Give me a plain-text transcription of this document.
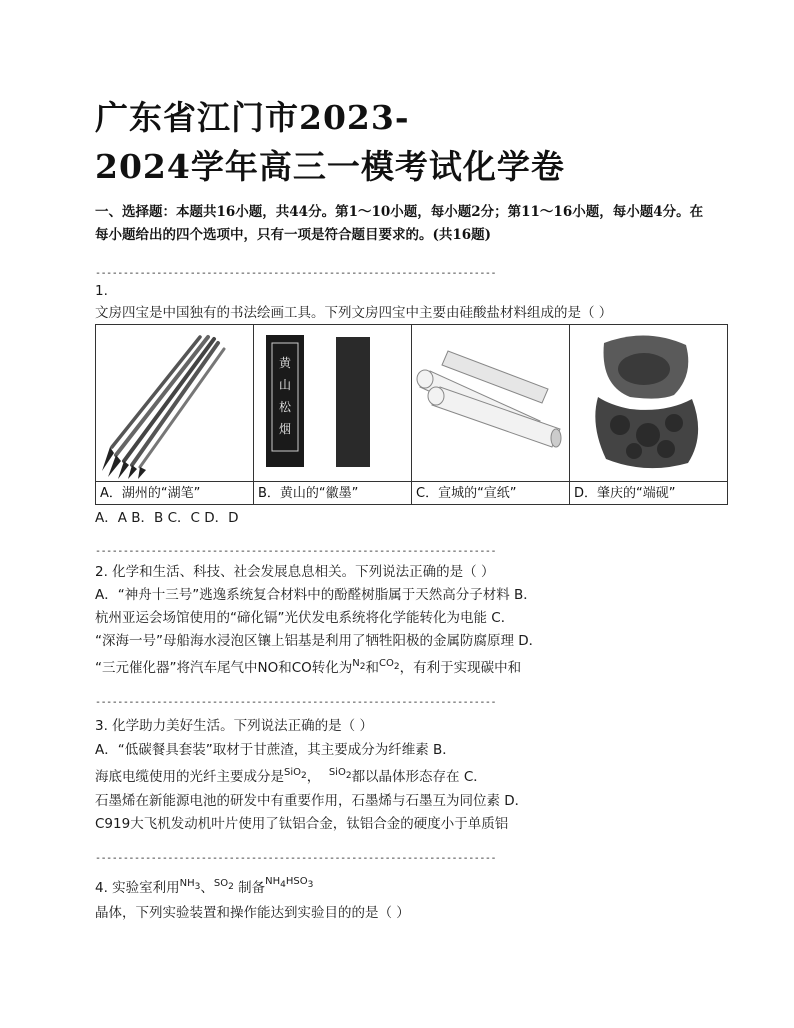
广东省江门市2023-
2024学年高三一模考试化学卷
一、选择题：本题共16小题，共44分。第1～10小题，每小题2分；第11～16小题，每小题4分。在每小题给出的四个选项中，只有一项是符合题目要求的。(共16题)
------------------------------------------------------------------------
1.
文房四宝是中国独有的书法绘画工具。下列文房四宝中主要由硅酸盐材料组成的是（ ）

黄
山
松
烟

A．湖州的“湖笔”	B．黄山的“徽墨”	C．宣城的“宣纸”	D．肇庆的“端砚”
A．A B．B C．C D．D
------------------------------------------------------------------------
2. 化学和生活、科技、社会发展息息相关。下列说法正确的是（ ）
A．“神舟十三号”逃逸系统复合材料中的酚醛树脂属于天然高分子材料 B．
杭州亚运会场馆使用的“碲化镉”光伏发电系统将化学能转化为电能 C．
“深海一号”母船海水浸泡区镶上铝基是利用了牺牲阳极的金属防腐原理 D．
“三元催化器”将汽车尾气中NO和CO转化为$^{N_2}$和$^{CO_2}$，有利于实现碳中和
------------------------------------------------------------------------
3. 化学助力美好生活。下列说法正确的是（ ）
A．“低碳餐具套装”取材于甘蔗渣，其主要成分为纤维素 B．
海底电缆使用的光纤主要成分是$^{SiO_2}$， $^{SiO_2}$都以晶体形态存在 C．
石墨烯在新能源电池的研发中有重要作用，石墨烯与石墨互为同位素 D．
C919大飞机发动机叶片使用了钛铝合金，钛铝合金的硬度小于单质铝
------------------------------------------------------------------------
4. 实验室利用$^{NH_3}$、$^{SO_2}$ 制备$^{NH_4HSO_3}$
晶体，下列实验装置和操作能达到实验目的的是（ ）
